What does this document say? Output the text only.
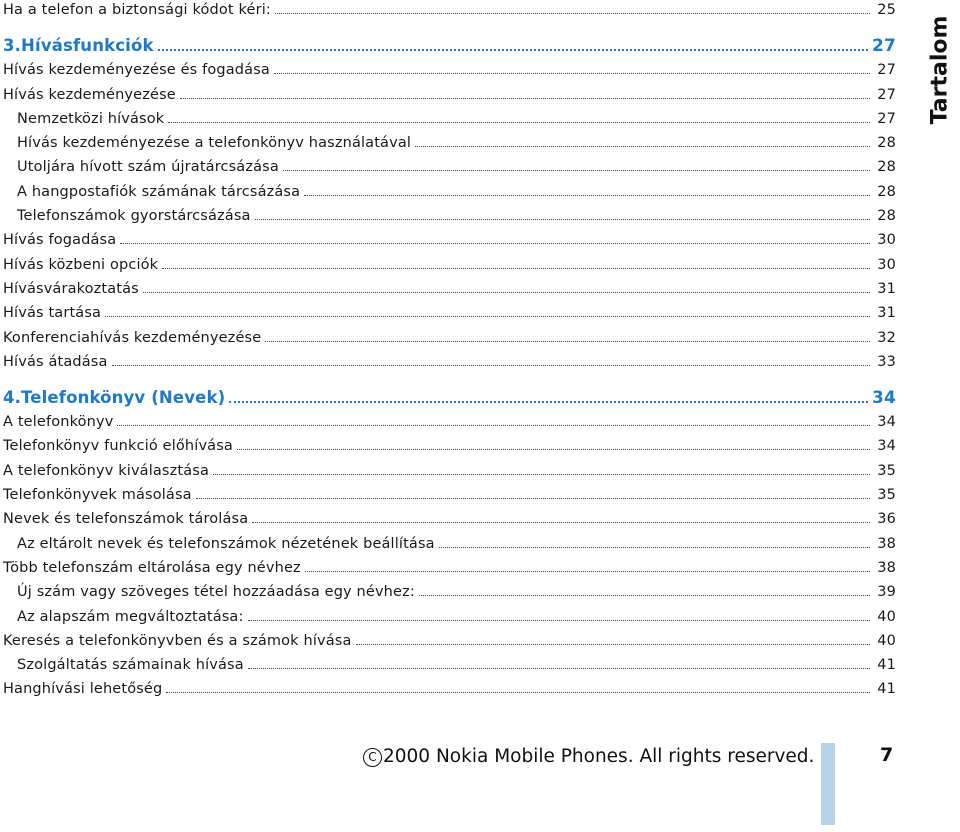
Ha a telefon a biztonsági kódot kéri:	25
3.Hívásfunkciók	27
Hívás kezdeményezése és fogadása	27
Hívás kezdeményezése	27
Nemzetközi hívások	27
Hívás kezdeményezése a telefonkönyv használatával	28
Utoljára hívott szám újratárcsázása	28
A hangpostafiók számának tárcsázása	28
Telefonszámok gyorstárcsázása	28
Hívás fogadása	30
Hívás közbeni opciók	30
Hívásvárakoztatás	31
Hívás tartása	31
Konferenciahívás kezdeményezése	32
Hívás átadása	33
4.Telefonkönyv (Nevek)	34
A telefonkönyv	34
Telefonkönyv funkció előhívása	34
A telefonkönyv kiválasztása	35
Telefonkönyvek másolása	35
Nevek és telefonszámok tárolása	36
Az eltárolt nevek és telefonszámok nézetének beállítása	38
Több telefonszám eltárolása egy névhez	38
Új szám vagy szöveges tétel hozzáadása egy névhez:	39
Az alapszám megváltoztatása:	40
Keresés a telefonkönyvben és a számok hívása	40
Szolgáltatás számainak hívása	41
Hanghívási lehetőség	41
Tartalom
C 2000 Nokia Mobile Phones. All rights reserved.	7
